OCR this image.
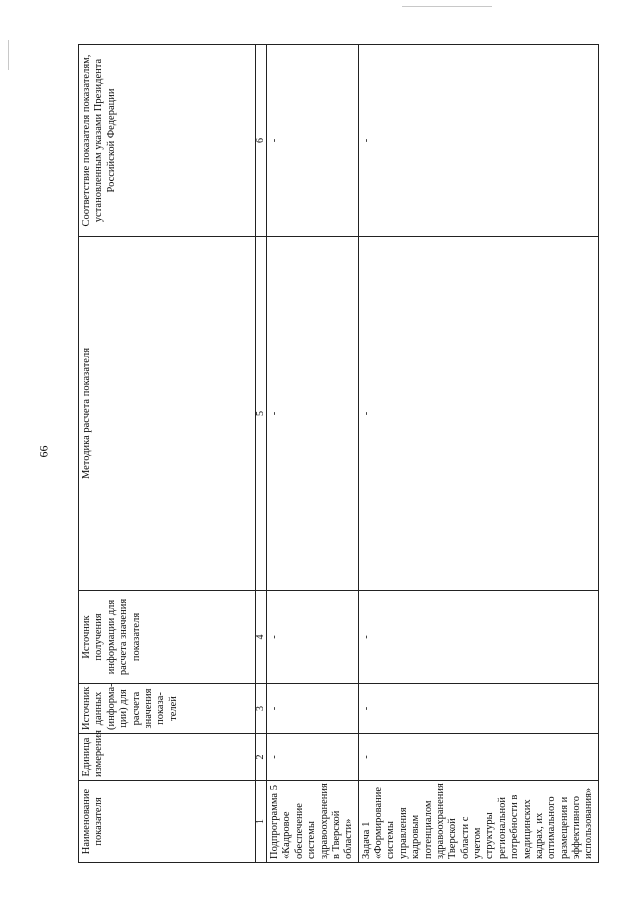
66
Наименование показателя	Единица измерения	Источник данных (информа-ции) для расчета значения показа-телей	Источник получения информации для расчета значения показателя	Методика расчета показателя	Соответствие показателя показателям, установленным указами Президента Российской Федерации
1	2	3	4	5	6
Подпрограмма 5 «Кадровое обеспечение системы здравоохранения в Тверской области»	-	-	-	-	-
Задача 1 «Формирование системы управления кадровым потенциалом здравоохранения Тверской области с учетом структуры региональной потребности в медицинских кадрах, их оптимального размещения и эффективного использования»	-	-	-	-	-
